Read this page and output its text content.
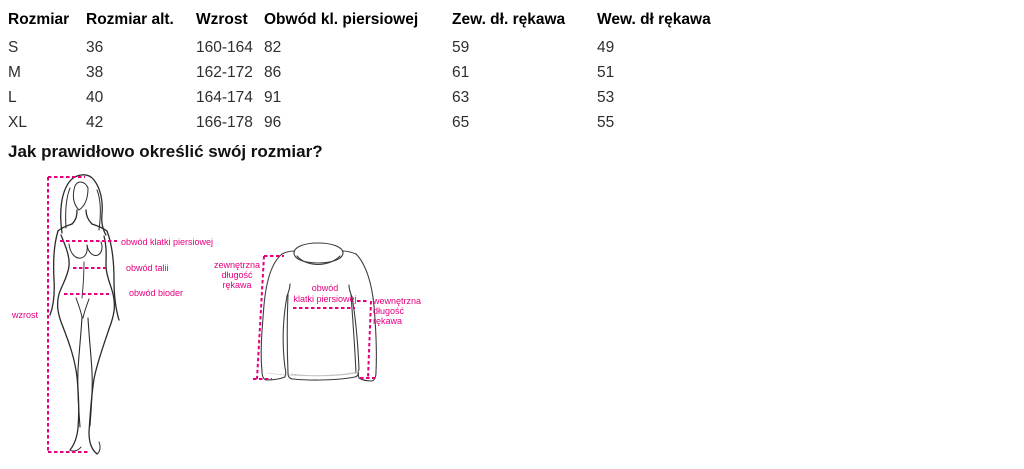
Rozmiar	Rozmiar alt.	Wzrost	Obwód kl. piersiowej	Zew. dł. rękawa	Wew. dł rękawa
S	36	160-164	82	59	49
M	38	162-172	86	61	51
L	40	164-174	91	63	53
XL	42	166-178	96	65	55
Jak prawidłowo określić swój rozmiar?
obwód klatki piersiowej
obwód talii
obwód bioder
wzrost
zewnętrzna
długość
rękawa	obwód
klatki piersiowej	wewnętrzna
długość
rękawa
